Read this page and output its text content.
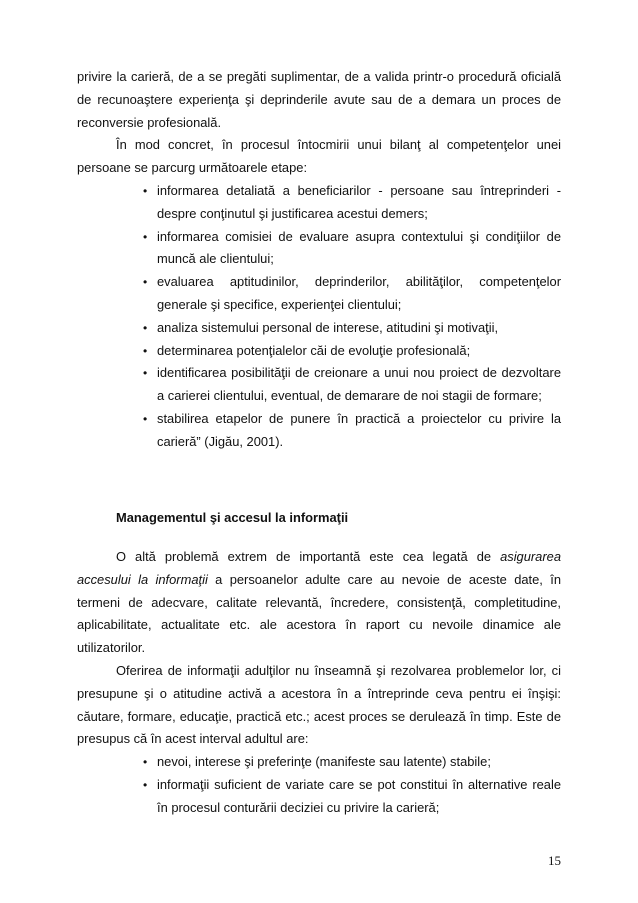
privire la carieră, de a se pregăti suplimentar, de a valida printr-o procedură oficială de recunoaştere experienţa şi deprinderile avute sau de a demara un proces de reconversie profesională.

În mod concret, în procesul întocmirii unui bilanţ al competenţelor unei persoane se parcurg următoarele etape:

• informarea detaliată a beneficiarilor - persoane sau întreprinderi - despre conţinutul şi justificarea acestui demers;
• informarea comisiei de evaluare asupra contextului şi condiţiilor de muncă ale clientului;
• evaluarea aptitudinilor, deprinderilor, abilităţilor, competenţelor generale şi specifice, experienţei clientului;
• analiza sistemului personal de interese, atitudini şi motivaţii,
• determinarea potenţialelor căi de evoluţie profesională;
• identificarea posibilităţii de creionare a unui nou proiect de dezvoltare a carierei clientului, eventual, de demarare de noi stagii de formare;
• stabilirea etapelor de punere în practică a proiectelor cu privire la carieră” (Jigău, 2001).

Managementul şi accesul la informaţii

O altă problemă extrem de importantă este cea legată de asigurarea accesului la informaţii a persoanelor adulte care au nevoie de aceste date, în termeni de adecvare, calitate relevantă, încredere, consistenţă, completitudine, aplicabilitate, actualitate etc. ale acestora în raport cu nevoile dinamice ale utilizatorilor.

Oferirea de informaţii adulţilor nu înseamnă şi rezolvarea problemelor lor, ci presupune şi o atitudine activă a acestora în a întreprinde ceva pentru ei înşişi: căutare, formare, educaţie, practică etc.; acest proces se derulează în timp. Este de presupus că în acest interval adultul are:

• nevoi, interese şi preferinţe (manifeste sau latente) stabile;
• informaţii suficient de variate care se pot constitui în alternative reale în procesul conturării deciziei cu privire la carieră;
15
